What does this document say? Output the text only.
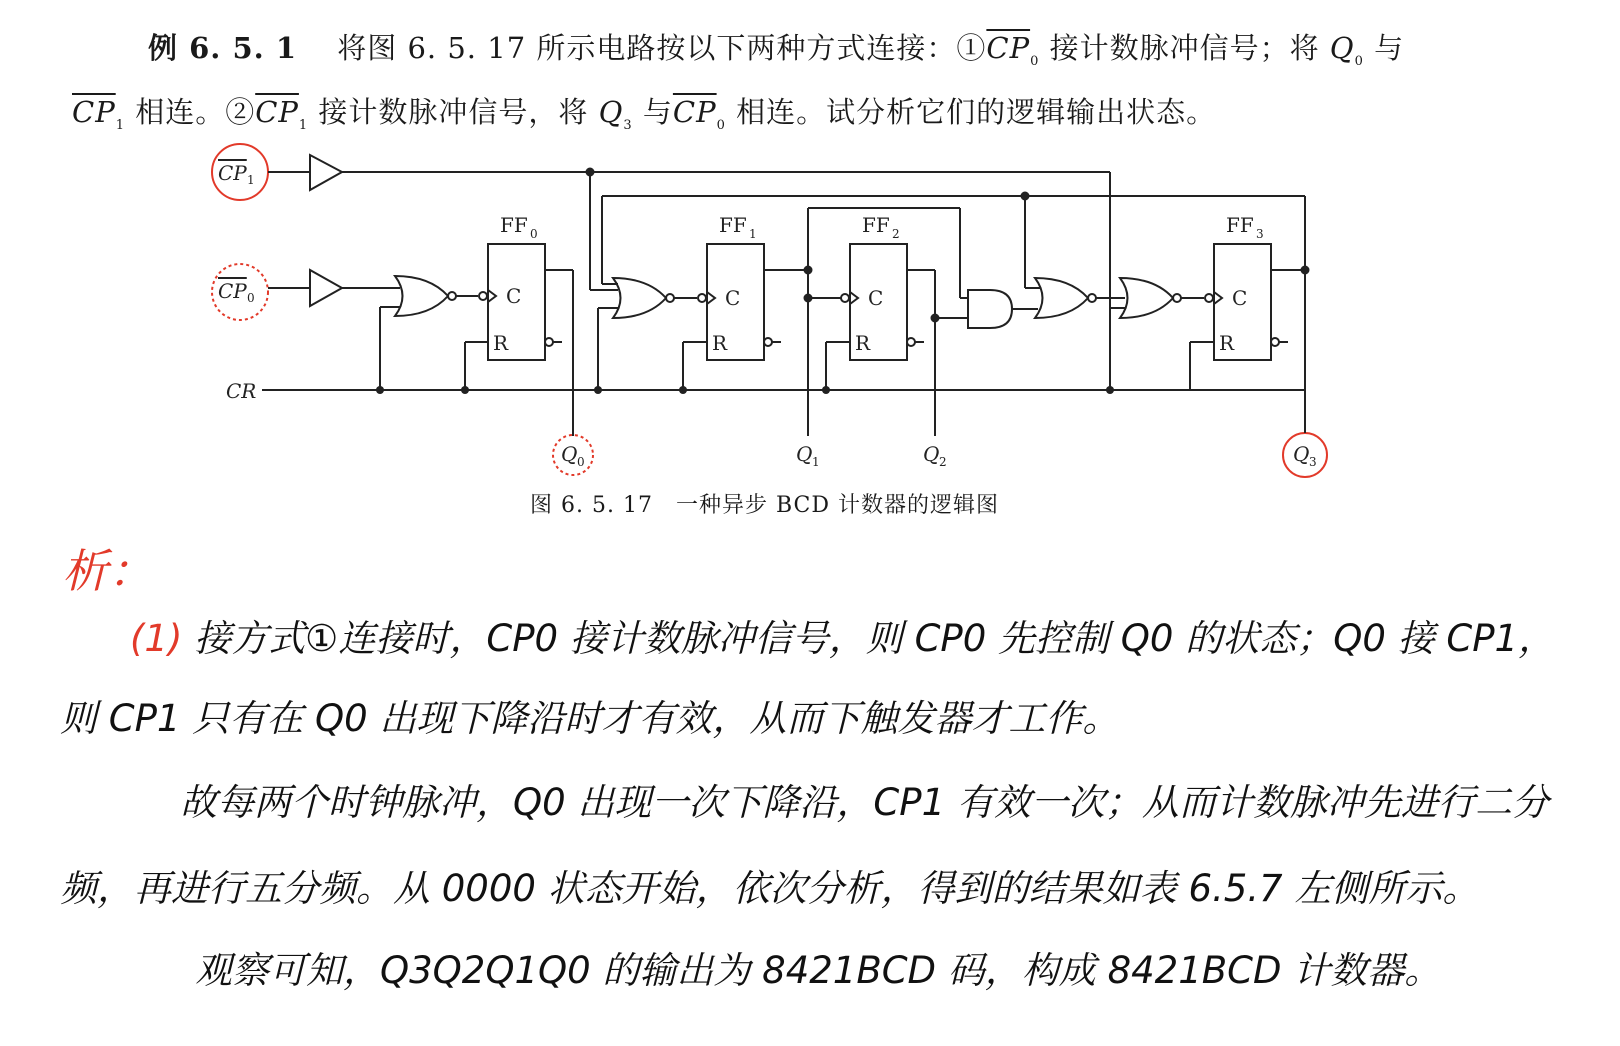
例 6. 5. 1　 将图 6. 5. 17 所示电路按以下两种方式连接：$①\overline{CP}_0$ 接计数脉冲信号；将 $Q_0$ 与
$\overline{CP}_1$ 相连。$②\overline{CP}_1$ 接计数脉冲信号，将 $Q_3$ 与$\overline{CP}_0$ 相连。试分析它们的逻辑输出状态。
CP 1
CP 0
CR
FF 0	FF 1	FF 2	FF 3
C
R
C
R
C
R
C
R
Q 0	Q 1	Q 2	Q 3
图 6. 5. 17　一种异步 BCD 计数器的逻辑图
析：
(1) 接方式①连接时，CP0 接计数脉冲信号，则 CP0 先控制 Q0 的状态；Q0 接 CP1，
则 CP1 只有在 Q0 出现下降沿时才有效，从而下触发器才工作。
故每两个时钟脉冲，Q0 出现一次下降沿，CP1 有效一次；从而计数脉冲先进行二分
频，再进行五分频。从 0000 状态开始，依次分析，得到的结果如表 6.5.7 左侧所示。
观察可知，Q3Q2Q1Q0 的输出为 8421BCD 码，构成 8421BCD 计数器。
